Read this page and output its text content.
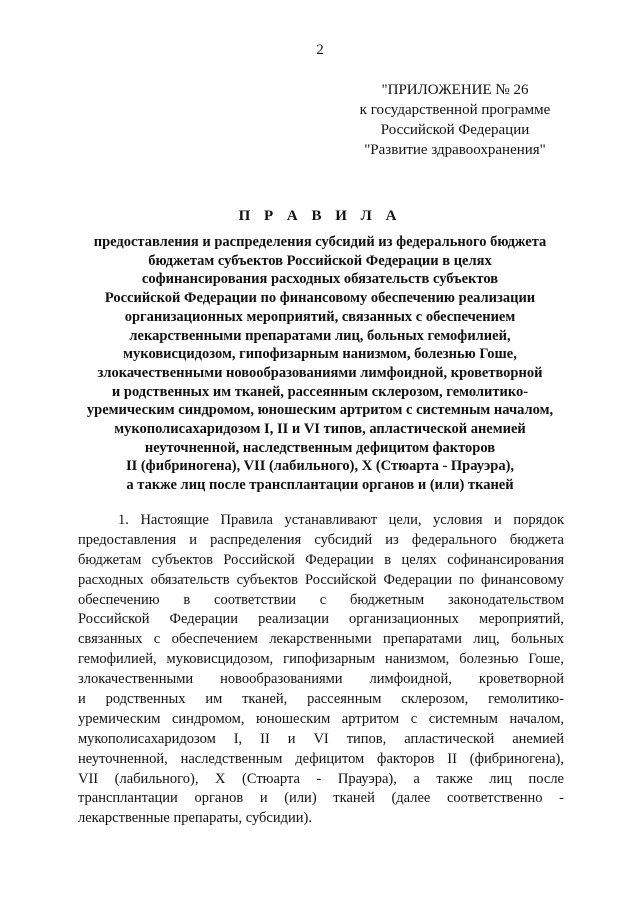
2
"ПРИЛОЖЕНИЕ № 26
к государственной программе
Российской Федерации
"Развитие здравоохранения"
П Р А В И Л А
предоставления и распределения субсидий из федерального бюджета
бюджетам субъектов Российской Федерации в целях
софинансирования расходных обязательств субъектов
Российской Федерации по финансовому обеспечению реализации
организационных мероприятий, связанных с обеспечением
лекарственными препаратами лиц, больных гемофилией,
муковисцидозом, гипофизарным нанизмом, болезнью Гоше,
злокачественными новообразованиями лимфоидной, кроветворной
и родственных им тканей, рассеянным склерозом, гемолитико-
уремическим синдромом, юношеским артритом с системным началом,
мукополисахаридозом I, II и VI типов, апластической анемией
неуточненной, наследственным дефицитом факторов
II (фибриногена), VII (лабильного), X (Стюарта - Прауэра),
а также лиц после трансплантации органов и (или) тканей
1. Настоящие Правила устанавливают цели, условия и порядок
предоставления и распределения субсидий из федерального бюджета
бюджетам субъектов Российской Федерации в целях софинансирования
расходных обязательств субъектов Российской Федерации по финансовому
обеспечению в соответствии с бюджетным законодательством
Российской Федерации реализации организационных мероприятий,
связанных с обеспечением лекарственными препаратами лиц, больных
гемофилией, муковисцидозом, гипофизарным нанизмом, болезнью Гоше,
злокачественными новообразованиями лимфоидной, кроветворной
и родственных им тканей, рассеянным склерозом, гемолитико-
уремическим синдромом, юношеским артритом с системным началом,
мукополисахаридозом I, II и VI типов, апластической анемией
неуточненной, наследственным дефицитом факторов II (фибриногена),
VII (лабильного), X (Стюарта - Прауэра), а также лиц после
трансплантации органов и (или) тканей (далее соответственно -
лекарственные препараты, субсидии).
